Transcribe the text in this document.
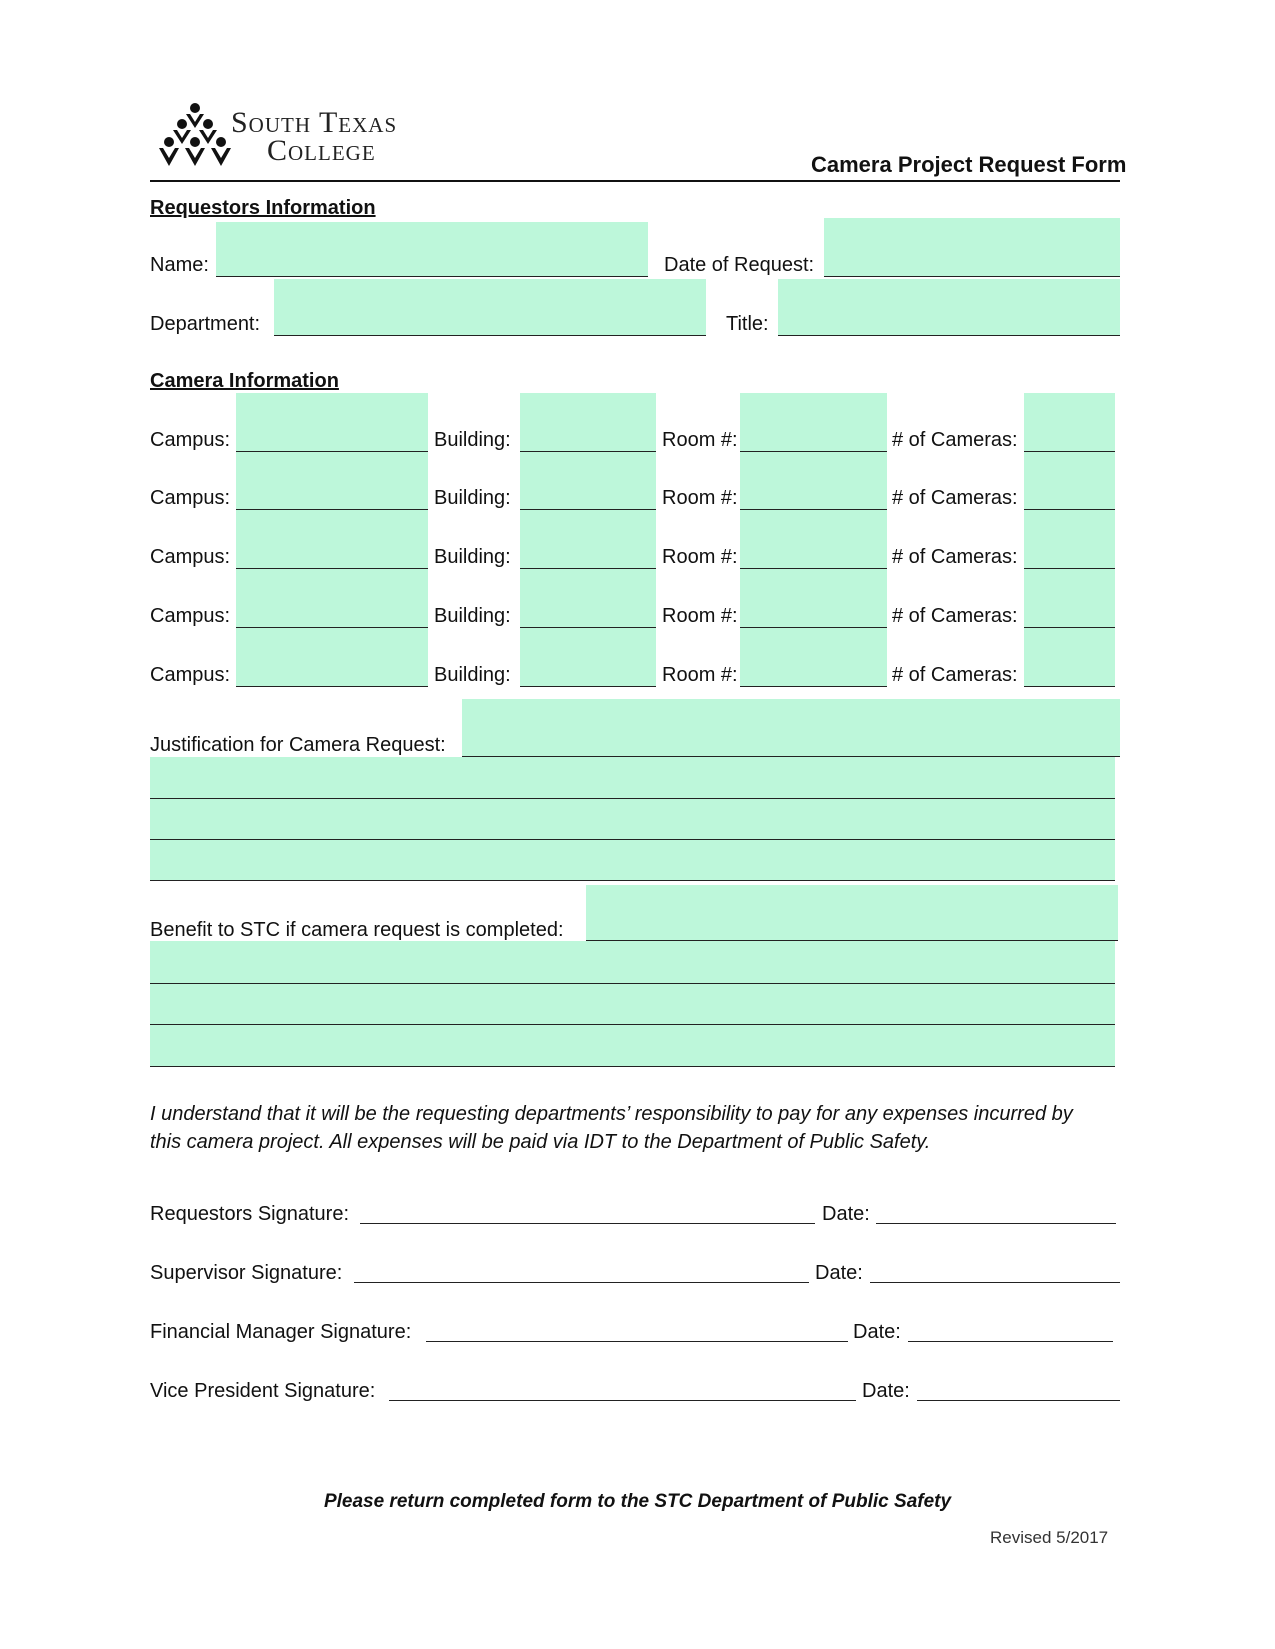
South Texas
College	Camera Project Request Form
Requestors Information
Name:	Date of Request:
Department:	Title:
Camera Information
Campus:	Building:	Room #:	# of Cameras:
Campus:	Building:	Room #:	# of Cameras:
Campus:	Building:	Room #:	# of Cameras:
Campus:	Building:	Room #:	# of Cameras:
Campus:	Building:	Room #:	# of Cameras:
Justification for Camera Request:
Benefit to STC if camera request is completed:
I understand that it will be the requesting departments’ responsibility to pay for any expenses incurred by
this camera project. All expenses will be paid via IDT to the Department of Public Safety.
Requestors Signature:	Date:
Supervisor Signature:	Date:
Financial Manager Signature:	Date:
Vice President Signature:	Date:
Please return completed form to the STC Department of Public Safety
Revised 5/2017
